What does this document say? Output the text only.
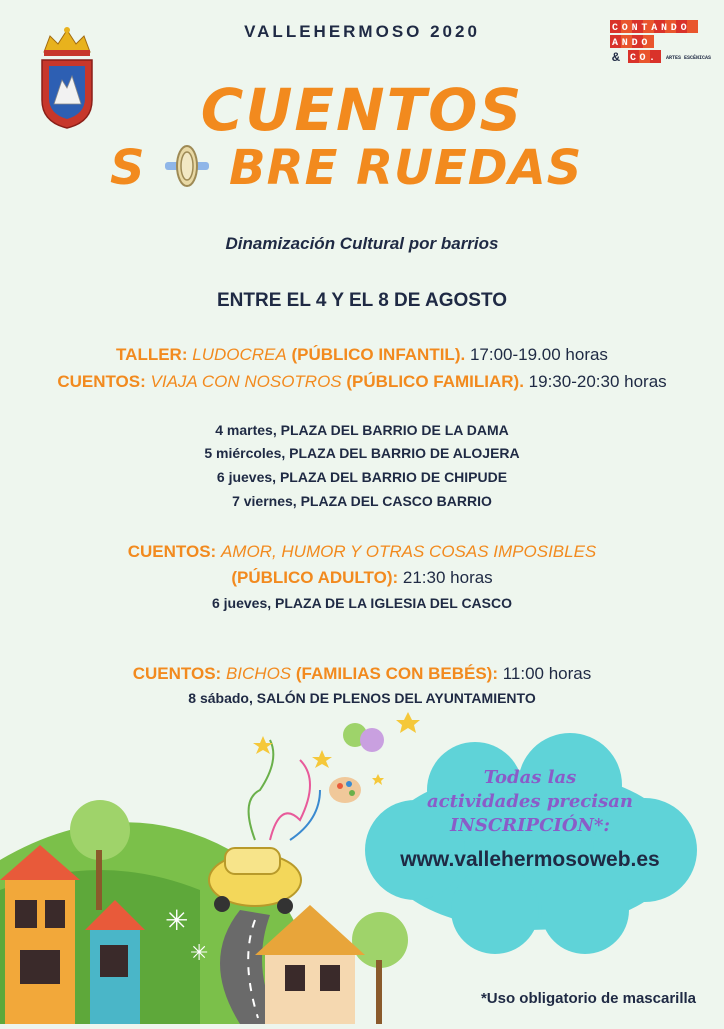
VALLEHERMOSO 2020	CONTANDO
ANDO
& CO. ARTES ESCÉNICAS
CUENTOS
S BRE RUEDAS
Dinamización Cultural por barrios
ENTRE EL 4 Y EL 8 DE AGOSTO
TALLER: LUDOCREA (PÚBLICO INFANTIL). 17:00-19.00 horas
CUENTOS: VIAJA CON NOSOTROS (PÚBLICO FAMILIAR). 19:30-20:30 horas
4 martes, PLAZA DEL BARRIO DE LA DAMA
5 miércoles, PLAZA DEL BARRIO DE ALOJERA
6 jueves, PLAZA DEL BARRIO DE CHIPUDE
7 viernes, PLAZA DEL CASCO BARRIO
CUENTOS: AMOR, HUMOR Y OTRAS COSAS IMPOSIBLES
(PÚBLICO ADULTO): 21:30 horas
6 jueves, PLAZA DE LA IGLESIA DEL CASCO
CUENTOS: BICHOS (FAMILIAS CON BEBÉS): 11:00 horas
8 sábado, SALÓN DE PLENOS DEL AYUNTAMIENTO
✳
✳
Todas las
actividades precisan
INSCRIPCIÓN*:
www.vallehermosoweb.es
*Uso obligatorio de mascarilla
